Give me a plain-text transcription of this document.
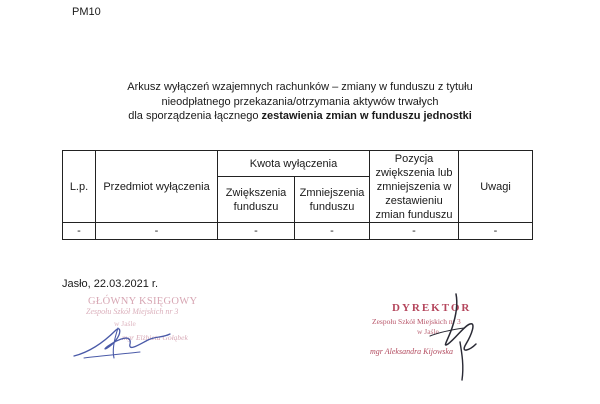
PM10
Arkusz wyłączeń wzajemnych rachunków – zmiany w funduszu z tytułu
nieodpłatnego przekazania/otrzymania aktywów trwałych
dla sporządzenia łącznego zestawienia zmian w funduszu jednostki
L.p.	Przedmiot wyłączenia	Kwota wyłączenia		Pozycja zwiększenia lub zmniejszenia w zestawieniu zmian funduszu	Uwagi
		Zwiększenia funduszu	Zmniejszenia funduszu		
-	-	-	-	-	-
Jasło, 22.03.2021 r.
GŁÓWNY KSIĘGOWY
Zespołu Szkół Miejskich nr 3
w Jaśle
mgr Elżbieta Gołąbek
DYREKTOR
Zespołu Szkół Miejskich nr 3
w Jaśle
mgr Aleksandra Kijowska
